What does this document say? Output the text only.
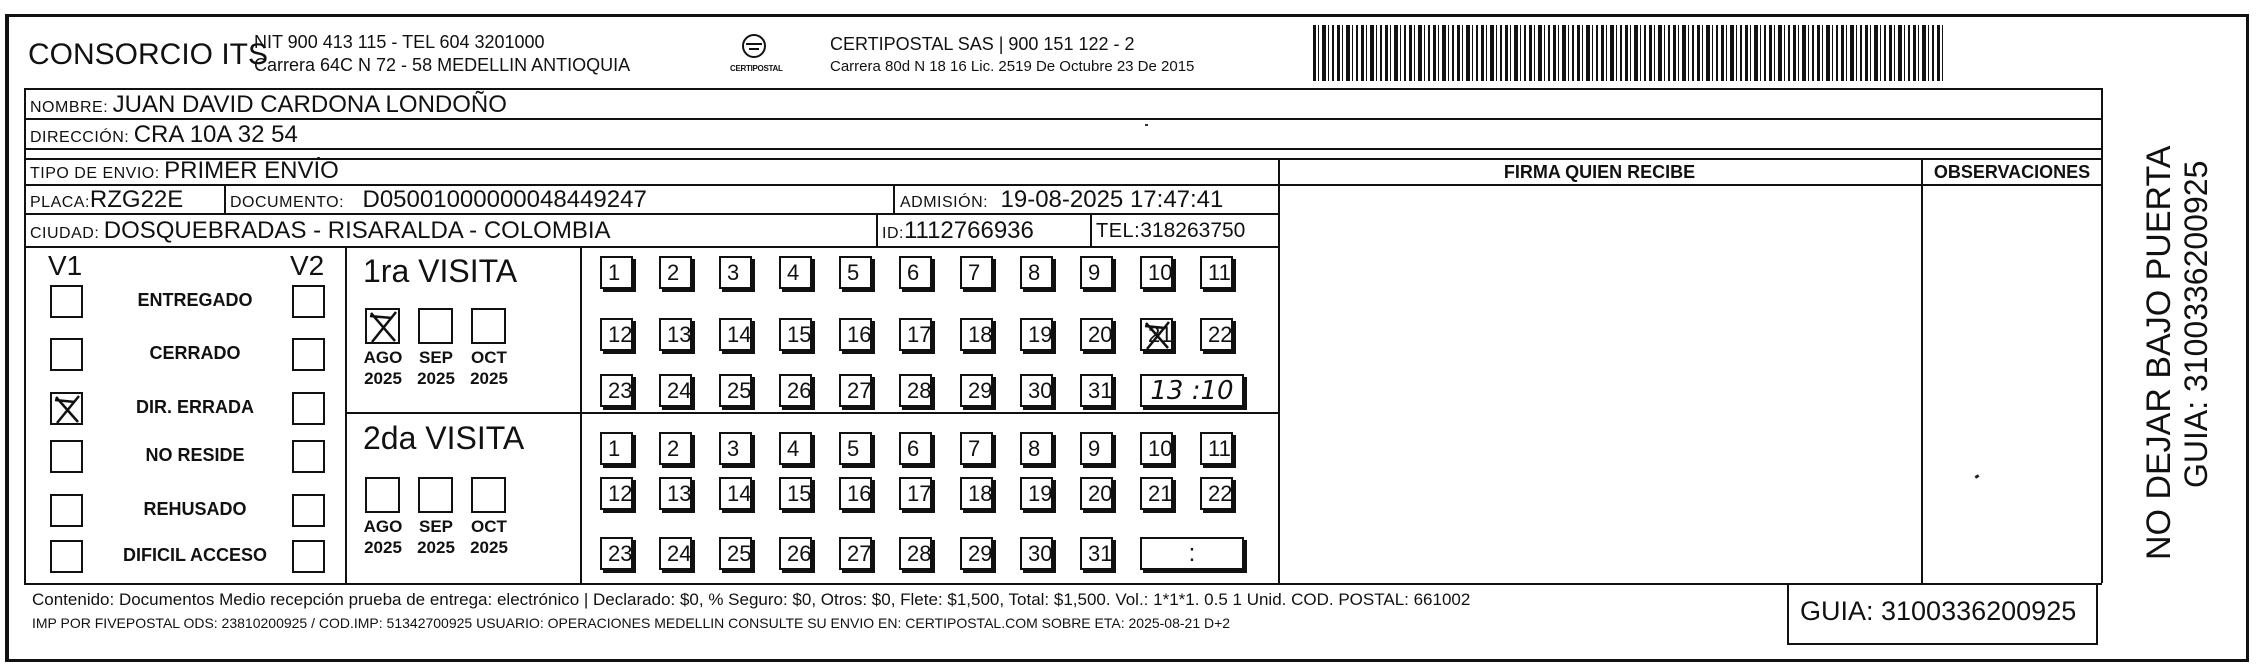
CONSORCIO ITS
NIT 900 413 115 - TEL 604 3201000
Carrera 64C N 72 - 58 MEDELLIN ANTIOQUIA	CERTIPOSTAL
CERTIPOSTAL SAS | 900 151 122 - 2
Carrera 80d N 18 16 Lic. 2519 De Octubre 23 De 2015
NOMBRE: JUAN DAVID CARDONA LONDOÑO
DIRECCIÓN: CRA 10A 32 54
TIPO DE ENVIO: PRIMER ENVÍO	FIRMA QUIEN RECIBE	OBSERVACIONES
PLACA:RZG22E	DOCUMENTO: D05001000000048449247	ADMISIÓN: 19-08-2025 17:47:41
CIUDAD: DOSQUEBRADAS - RISARALDA - COLOMBIA	ID:1112766936	TEL:318263750
V1	V2
ENTREGADO
CERRADO
DIR. ERRADA
NO RESIDE
REHUSADO
DIFICIL ACCESO
1ra VISITA
2da VISITA
AGO
2025
SEP
2025
OCT
2025
AGO
2025
SEP
2025
OCT
2025
1	2	3	4	5	6	7	8	9	10	11
12	13	14	15	16	17	18	19	20	21	22
23	24	25	26	27	28	29	30	31	13 :10
1	2	3	4	5	6	7	8	9	10	11
12	13	14	15	16	17	18	19	20	21	22
23	24	25	26	27	28	29	30	31	:
Contenido: Documentos Medio recepción prueba de entrega: electrónico | Declarado: $0, % Seguro: $0, Otros: $0, Flete: $1,500, Total: $1,500. Vol.: 1*1*1. 0.5 1 Unid. COD. POSTAL: 661002
IMP POR FIVEPOSTAL ODS: 23810200925 / COD.IMP: 51342700925 USUARIO: OPERACIONES MEDELLIN CONSULTE SU ENVIO EN: CERTIPOSTAL.COM SOBRE ETA: 2025-08-21 D+2	GUIA: 3100336200925
NO DEJAR BAJO PUERTA GUIA: 3100336200925
